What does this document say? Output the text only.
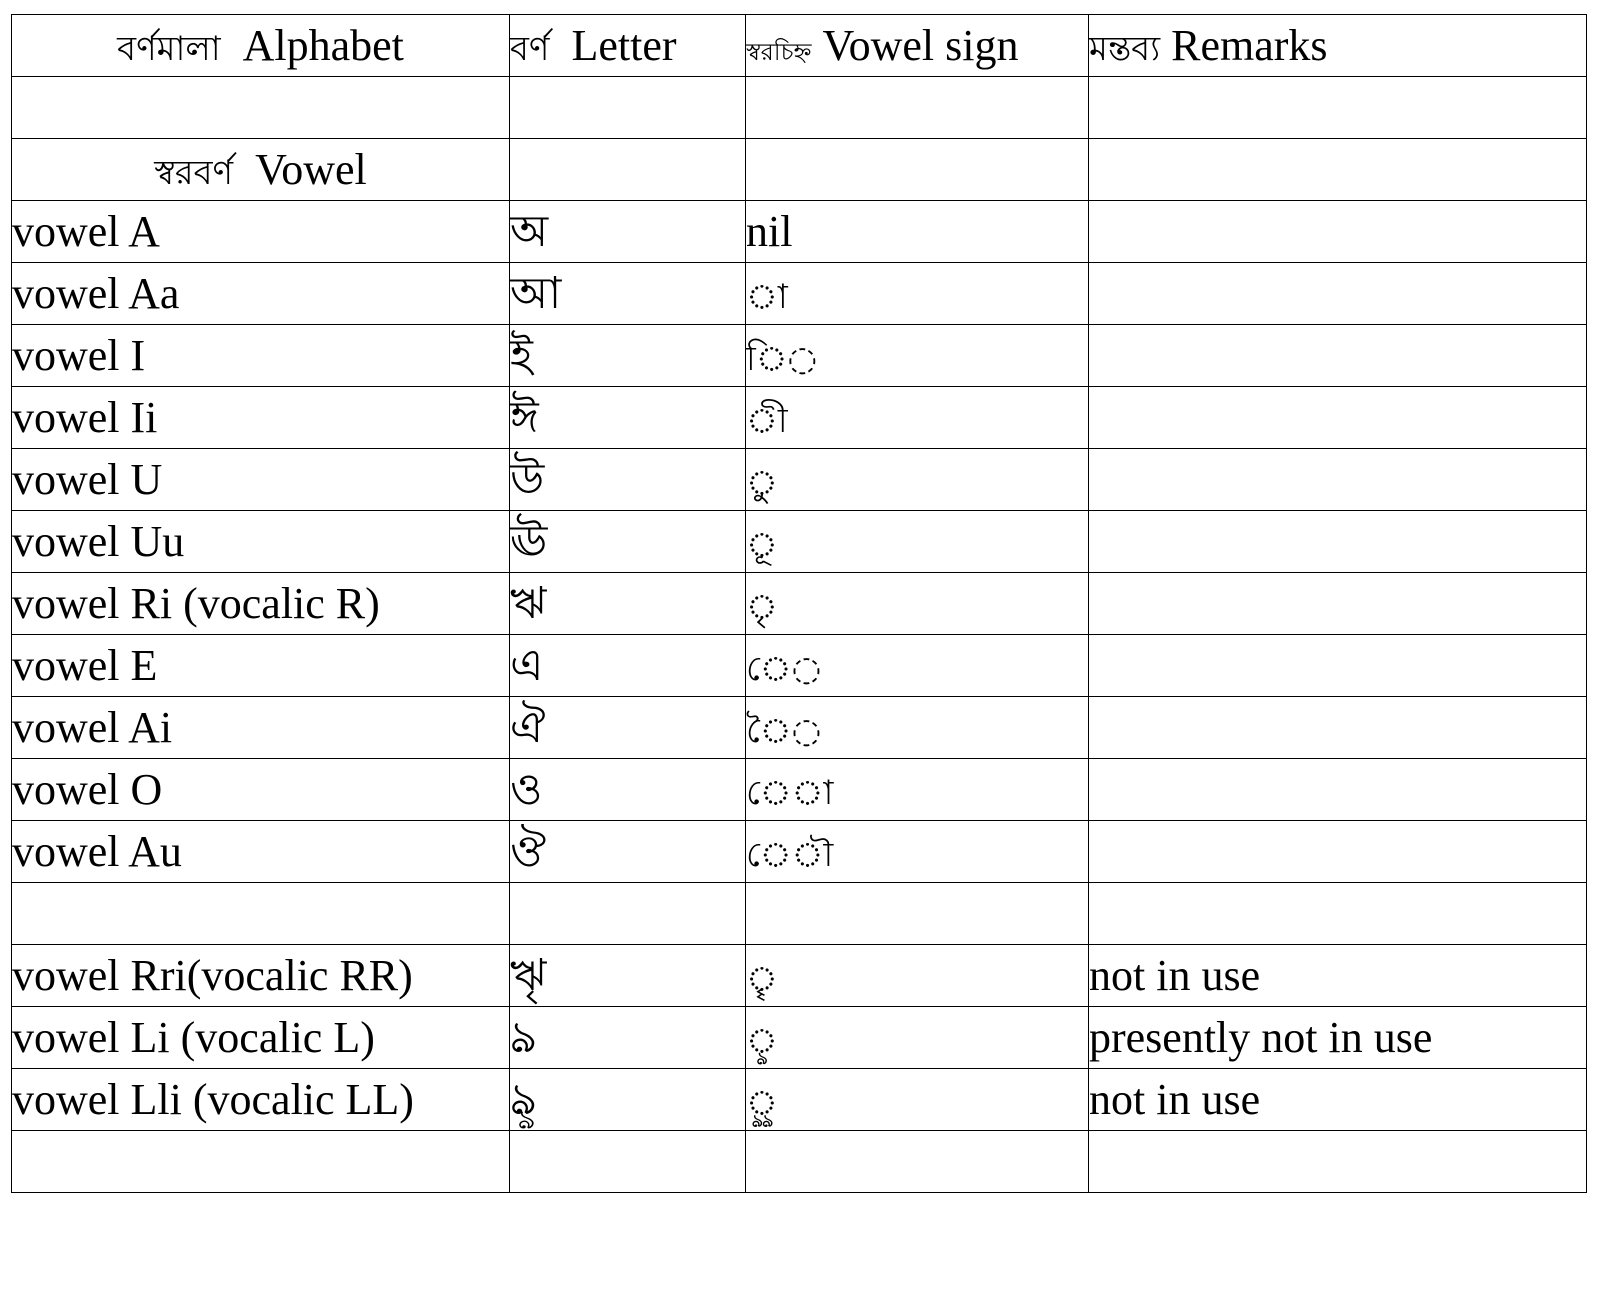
বর্ণমালা Alphabet	বর্ণ Letter	স্বরচিহ্ন Vowel sign	মন্তব্য Remarks

স্বরবর্ণ Vowel			
vowel A	অ	nil	
vowel Aa	আ	◌া	
vowel I	ই	ি◌	
vowel Ii	ঈ	◌ী	
vowel U	উ	◌ু	
vowel Uu	ঊ	◌ূ	
vowel Ri (vocalic R)	ঋ	◌ৃ	
vowel E	এ	ে◌	
vowel Ai	ঐ	ৈ◌	
vowel O	ও	ে◌া	
vowel Au	ঔ	ে◌ৗ	

vowel Rri(vocalic RR)	ৠ	◌ৄ	not in use
vowel Li (vocalic L)	ঌ	◌ৢ	presently not in use
vowel Lli (vocalic LL)	ৡ	◌ৣ	not in use
